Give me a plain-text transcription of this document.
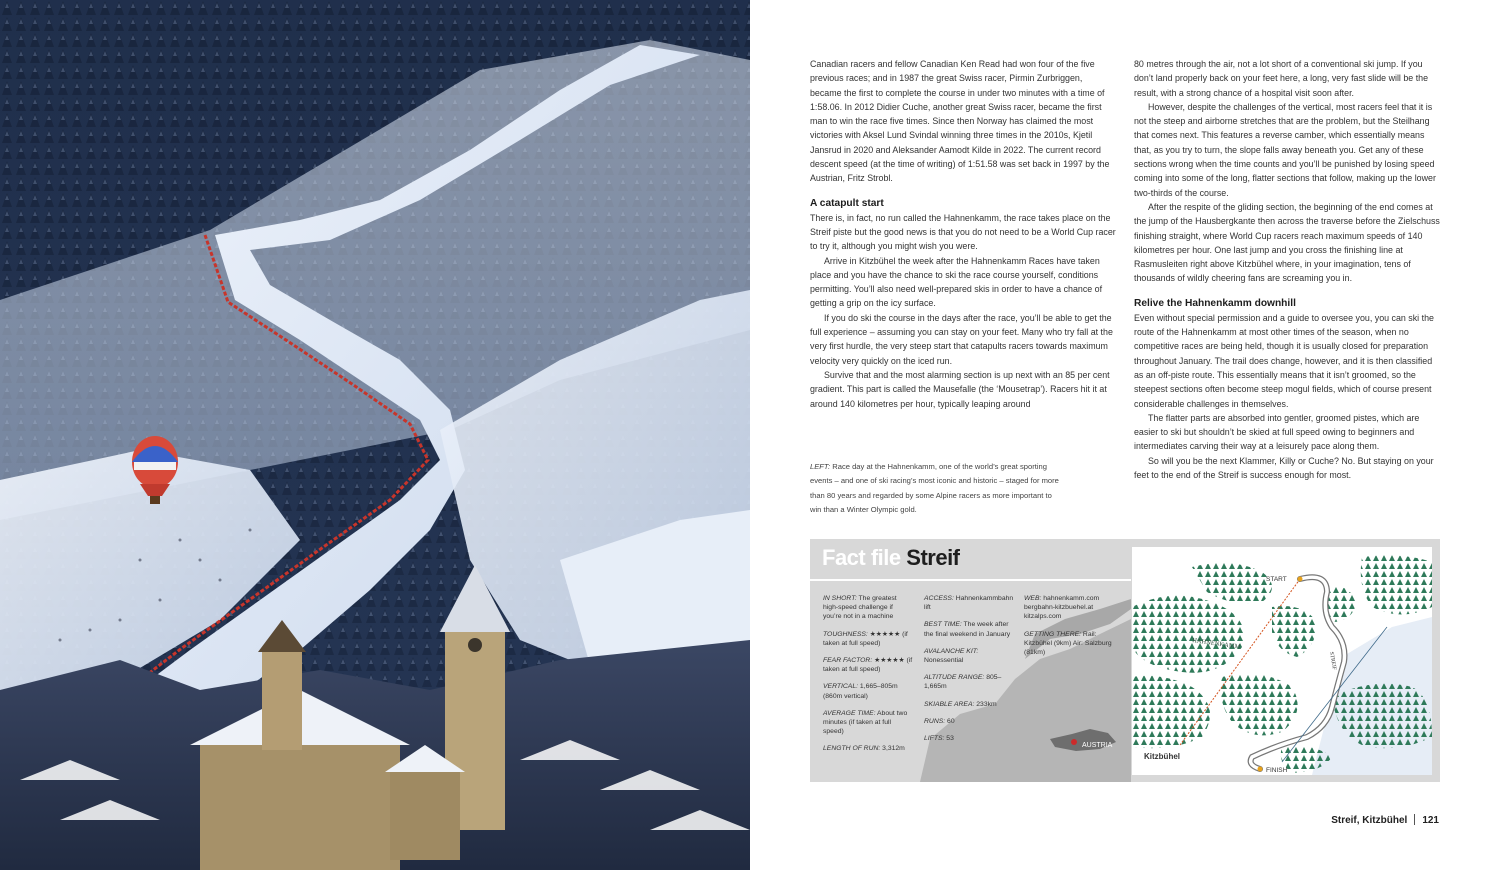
Canadian racers and fellow Canadian Ken Read had won four of the five previous races; and in 1987 the great Swiss racer, Pirmin Zurbriggen, became the first to complete the course in under two minutes with a time of 1:58.06. In 2012 Didier Cuche, another great Swiss racer, became the first man to win the race five times. Since then Norway has claimed the most victories with Aksel Lund Svindal winning three times in the 2010s, Kjetil Jansrud in 2020 and Aleksander Aamodt Kilde in 2022. The current record descent speed (at the time of writing) of 1:51.58 was set back in 1997 by the Austrian, Fritz Strobl.

A catapult start

There is, in fact, no run called the Hahnenkamm, the race takes place on the Streif piste but the good news is that you do not need to be a World Cup racer to try it, although you might wish you were.

Arrive in Kitzbühel the week after the Hahnenkamm Races have taken place and you have the chance to ski the race course yourself, conditions permitting. You’ll also need well-prepared skis in order to have a chance of getting a grip on the icy surface.

If you do ski the course in the days after the race, you’ll be able to get the full experience – assuming you can stay on your feet. Many who try fall at the very first hurdle, the very steep start that catapults racers towards maximum velocity very quickly on the iced run.

Survive that and the most alarming section is up next with an 85 per cent gradient. This part is called the Mausefalle (the ‘Mousetrap’). Racers hit it at around 140 kilometres per hour, typically leaping around

80 metres through the air, not a lot short of a conventional ski jump. If you don’t land properly back on your feet here, a long, very fast slide will be the result, with a strong chance of a hospital visit soon after.

However, despite the challenges of the vertical, most racers feel that it is not the steep and airborne stretches that are the problem, but the Steilhang that comes next. This features a reverse camber, which essentially means that, as you try to turn, the slope falls away beneath you. Get any of these sections wrong when the time counts and you’ll be punished by losing speed coming into some of the long, flatter sections that follow, making up the lower two-thirds of the course.

After the respite of the gliding section, the beginning of the end comes at the jump of the Hausbergkante then across the traverse before the Zielschuss finishing straight, where World Cup racers reach maximum speeds of 140 kilometres per hour. One last jump and you cross the finishing line at Rasmusleiten right above Kitzbühel where, in your imagination, tens of thousands of wildly cheering fans are screaming you in.

Relive the Hahnenkamm downhill

Even without special permission and a guide to oversee you, you can ski the route of the Hahnenkamm at most other times of the season, when no competitive races are being held, though it is usually closed for preparation throughout January. The trail does change, however, and it is then classified as an off-piste route. This essentially means that it isn’t groomed, so the steepest sections often become steep mogul fields, which of course present considerable challenges in themselves.

The flatter parts are absorbed into gentler, groomed pistes, which are easier to ski but shouldn’t be skied at full speed owing to beginners and intermediates carving their way at a leisurely pace along them.

So will you be the next Klammer, Killy or Cuche? No. But staying on your feet to the end of the Streif is success enough for most.

LEFT: Race day at the Hahnenkamm, one of the world’s great sporting events – and one of ski racing’s most iconic and historic – staged for more than 80 years and regarded by some Alpine racers as more important to win than a Winter Olympic gold.
AUSTRIA
Fact file Streif
IN SHORT: The greatest high-speed challenge if you’re not in a machine
TOUGHNESS: ★★★★★ (if taken at full speed)
FEAR FACTOR: ★★★★★ (if taken at full speed)
VERTICAL: 1,665–805m (860m vertical)
AVERAGE TIME: About two minutes (if taken at full speed)
LENGTH OF RUN: 3,312m
ACCESS: Hahnenkammbahn lift
BEST TIME: The week after the final weekend in January
AVALANCHE KIT: Nonessential
ALTITUDE RANGE: 805–1,665m
SKIABLE AREA: 233km
RUNS: 60
LIFTS: 53
WEB: hahnenkamm.com bergbahn-kitzbuehel.at kitzalps.com
GETTING THERE: Rail: Kitzbühel (9km) Air: Salzburg (81km)
START
FINISH
Kitzbühel
HAHNENKAMM
STREIF
Streif, Kitzbühel 121
